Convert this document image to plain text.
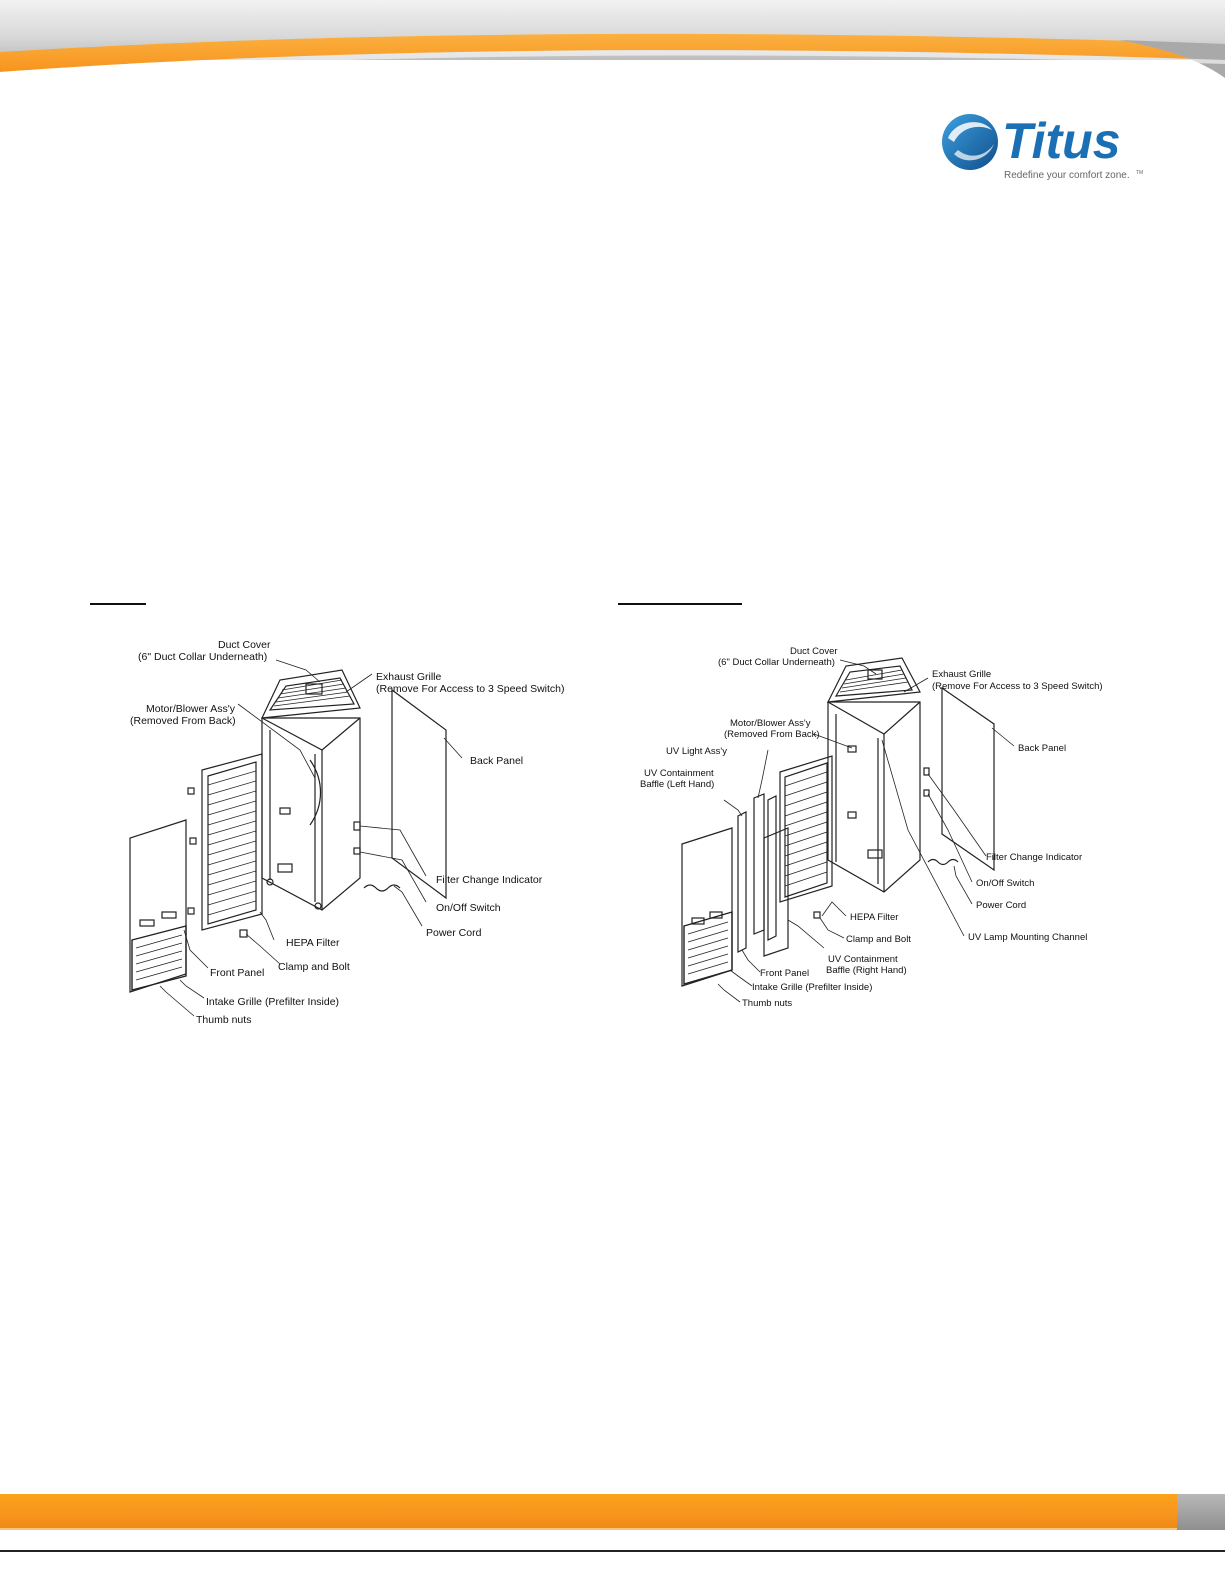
Titus
Redefine your comfort zone. TM
Duct Cover
(6" Duct Collar Underneath)
Exhaust Grille
(Remove For Access to 3 Speed Switch)
Motor/Blower Ass'y
(Removed From Back)
Back Panel
Filter Change Indicator
On/Off Switch
Power Cord
HEPA Filter
Clamp and Bolt
Front Panel
Intake Grille (Prefilter Inside)
Thumb nuts
Duct Cover
(6" Duct Collar Underneath)
Exhaust Grille
(Remove For Access to 3 Speed Switch)
Motor/Blower Ass'y
(Removed From Back)
UV Light Ass'y
UV Containment
Baffle (Left Hand)
Back Panel
Filter Change Indicator
On/Off Switch
Power Cord
HEPA Filter
Clamp and Bolt	UV Lamp Mounting Channel
UV Containment
Baffle (Right Hand)
Front Panel
Intake Grille (Prefilter Inside)
Thumb nuts
